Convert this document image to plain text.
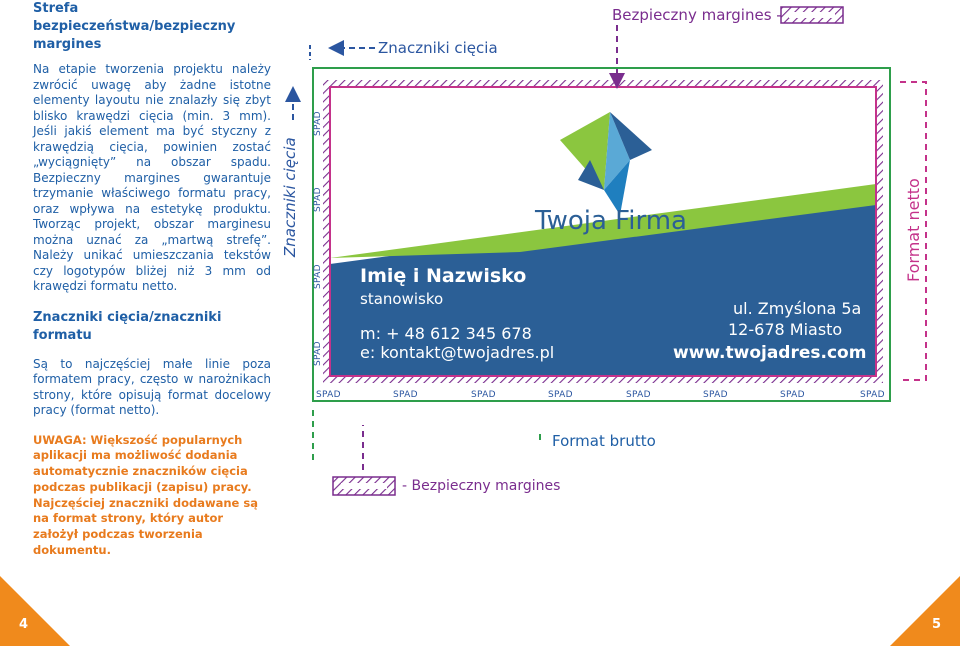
Strefa bezpieczeństwa/bezpieczny margines
Na etapie tworzenia projektu należy zwrócić uwagę aby żadne istotne elementy layoutu nie znalazły się zbyt blisko krawędzi cięcia (min. 3 mm). Jeśli jakiś element ma być styczny z krawędzią cięcia, powinien zostać „wyciągnięty” na obszar spadu. Bezpieczny margines gwarantuje trzymanie właściwego formatu pracy, oraz wpływa na estetykę produktu. Tworząc projekt, obszar marginesu można uznać za „martwą strefę”. Należy unikać umieszczania tekstów czy logotypów bliżej niż 3 mm od krawędzi formatu netto.
Znaczniki cięcia/znaczniki formatu
Są to najczęściej małe linie poza formatem pracy, często w narożnikach strony, które opisują format docelowy pracy (format netto).
UWAGA: Większość popularnych aplikacji ma możliwość dodania automatycznie znaczników cięcia podczas publikacji (zapisu) pracy. Najczęściej znaczniki dodawane są na format strony, który autor założył podczas tworzenia dokumentu.
Bezpieczny margines -
Znaczniki cięcia
Znaczniki cięcia	Format netto
Format brutto
- Bezpieczny margines
SPAD
SPAD
SPAD
SPAD
SPAD	SPAD	SPAD	SPAD	SPAD	SPAD	SPAD	SPAD
Twoja Firma
Imię i Nazwisko
stanowisko
m: + 48 612 345 678
e: kontakt@twojadres.pl
ul. Zmyślona 5a
12-678 Miasto
www.twojadres.com
4	5
